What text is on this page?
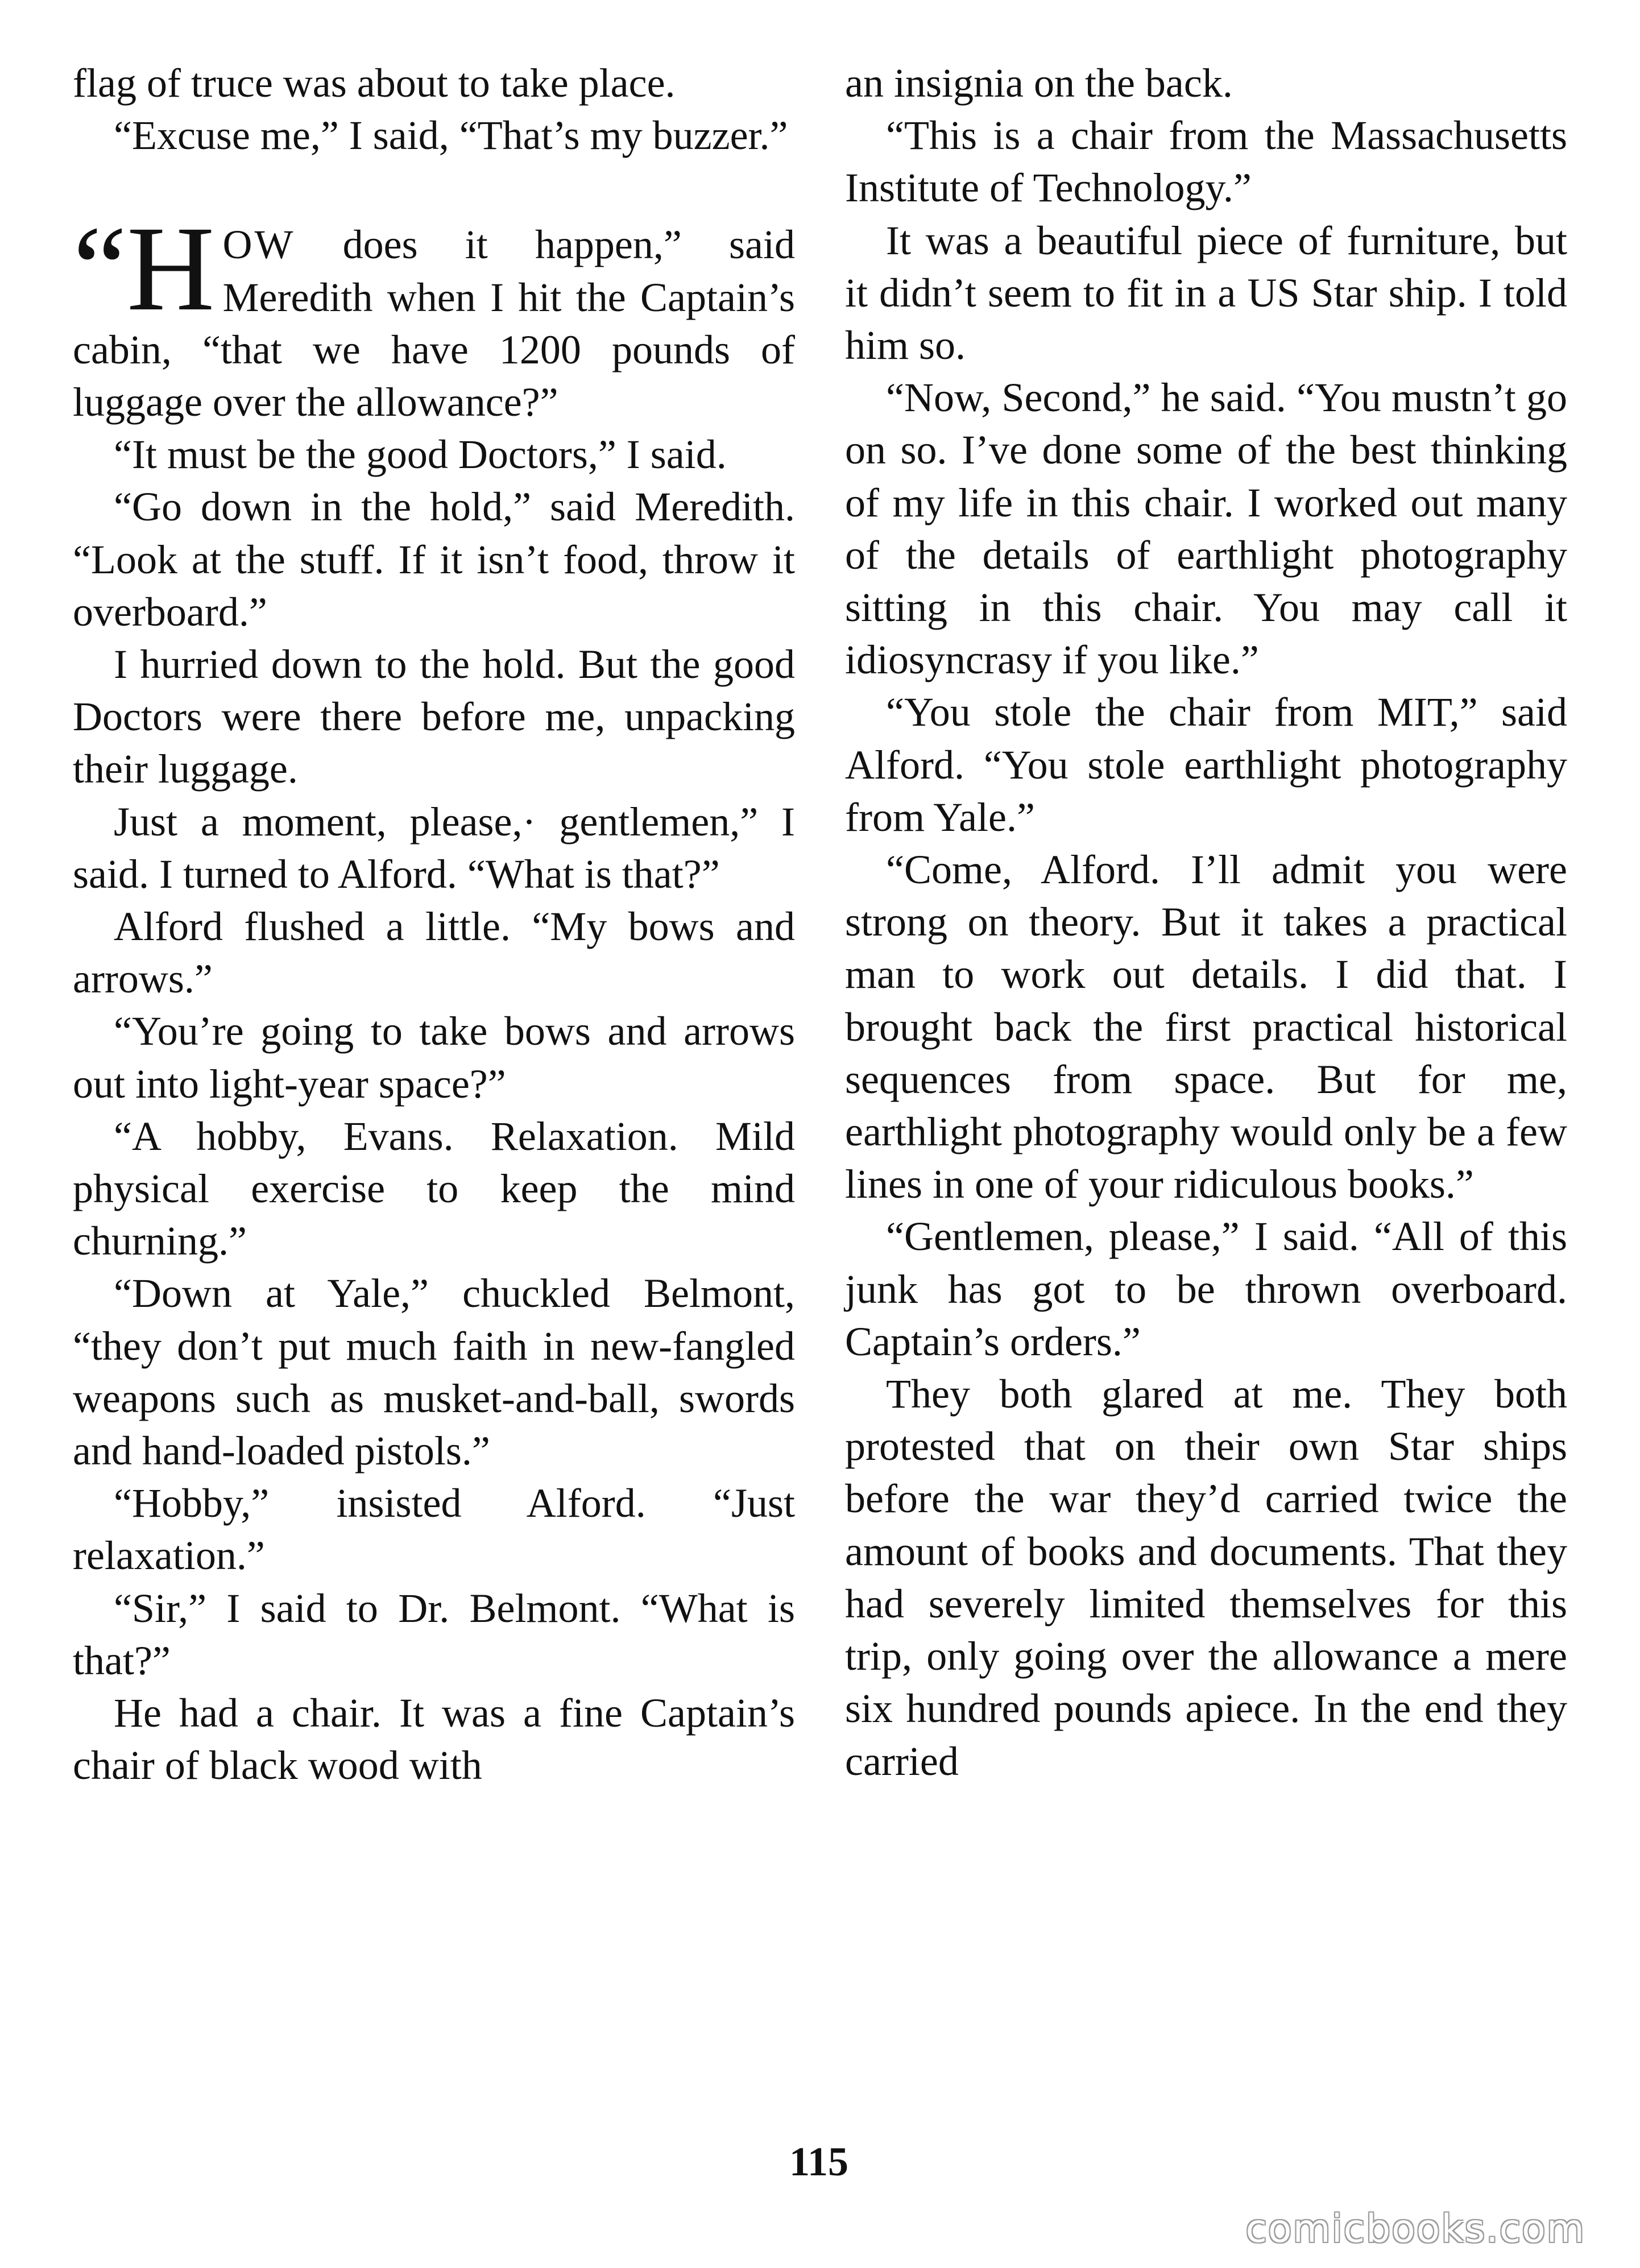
flag of truce was about to take place.

“Excuse me,” I said, “That’s my buzzer.”

“H OW does it happen,” said Meredith when I hit the Captain’s cabin, “that we have 1200 pounds of luggage over the allowance?”

“It must be the good Doctors,” I said.

“Go down in the hold,” said Meredith. “Look at the stuff. If it isn’t food, throw it overboard.”

I hurried down to the hold. But the good Doctors were there before me, unpacking their luggage.

Just a moment, please,· gentlemen,” I said. I turned to Alford. “What is that?”

Alford flushed a little. “My bows and arrows.”

“You’re going to take bows and arrows out into light-year space?”

“A hobby, Evans. Relaxation. Mild physical exercise to keep the mind churning.”

“Down at Yale,” chuckled Belmont, “they don’t put much faith in new-fangled weapons such as musket-and-ball, swords and hand-loaded pistols.”

“Hobby,” insisted Alford. “Just relaxation.”

“Sir,” I said to Dr. Belmont. “What is that?”

He had a chair. It was a fine Captain’s chair of black wood with

an insignia on the back.

“This is a chair from the Massachusetts Institute of Technology.”

It was a beautiful piece of furniture, but it didn’t seem to fit in a US Star ship. I told him so.

“Now, Second,” he said. “You mustn’t go on so. I’ve done some of the best thinking of my life in this chair. I worked out many of the details of earthlight photography sitting in this chair. You may call it idiosyncrasy if you like.”

“You stole the chair from MIT,” said Alford. “You stole earthlight photography from Yale.”

“Come, Alford. I’ll admit you were strong on theory. But it takes a practical man to work out details. I did that. I brought back the first practical historical sequences from space. But for me, earthlight photography would only be a few lines in one of your ridiculous books.”

“Gentlemen, please,” I said. “All of this junk has got to be thrown overboard. Captain’s orders.”

They both glared at me. They both protested that on their own Star ships before the war they’d carried twice the amount of books and documents. That they had severely limited themselves for this trip, only going over the allowance a mere six hundred pounds apiece. In the end they carried

115
comicbooks.com
